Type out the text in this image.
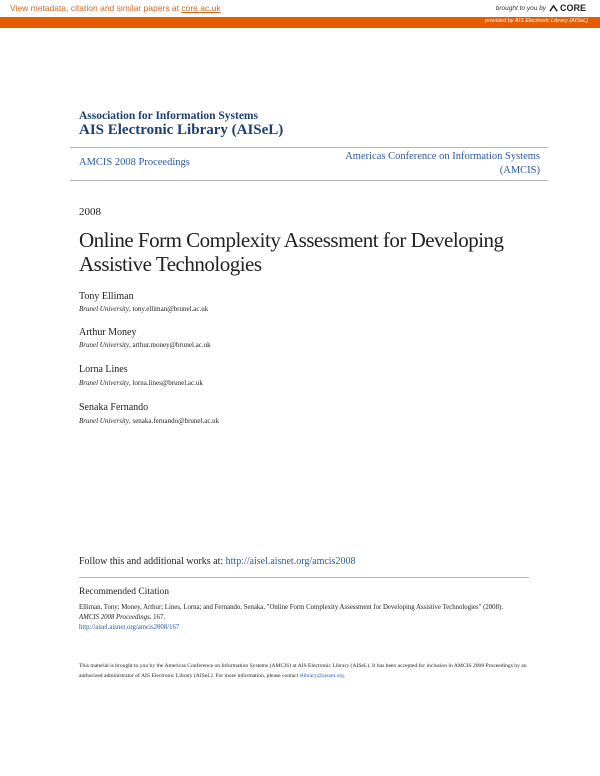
View metadata, citation and similar papers at core.ac.uk	brought to you by CORE
provided by AIS Electronic Library (AISeL)
Association for Information Systems
AIS Electronic Library (AISeL)
AMCIS 2008 Proceedings
Americas Conference on Information Systems
(AMCIS)
2008
Online Form Complexity Assessment for Developing Assistive Technologies
Tony Elliman
Brunel University, tony.elliman@brunel.ac.uk
Arthur Money
Brunel University, arthur.money@brunel.ac.uk
Lorna Lines
Brunel University, lorna.lines@brunel.ac.uk
Senaka Fernando
Brunel University, senaka.fernando@brunel.ac.uk
Follow this and additional works at: http://aisel.aisnet.org/amcis2008
Recommended Citation
Elliman, Tony; Money, Arthur; Lines, Lorna; and Fernando, Senaka, "Online Form Complexity Assessment for Developing Assistive Technologies" (2008). AMCIS 2008 Proceedings. 167.
http://aisel.aisnet.org/amcis2008/167
This material is brought to you by the Americas Conference on Information Systems (AMCIS) at AIS Electronic Library (AISeL). It has been accepted for inclusion in AMCIS 2008 Proceedings by an authorized administrator of AIS Electronic Library (AISeL). For more information, please contact elibrary@aisnet.org.
